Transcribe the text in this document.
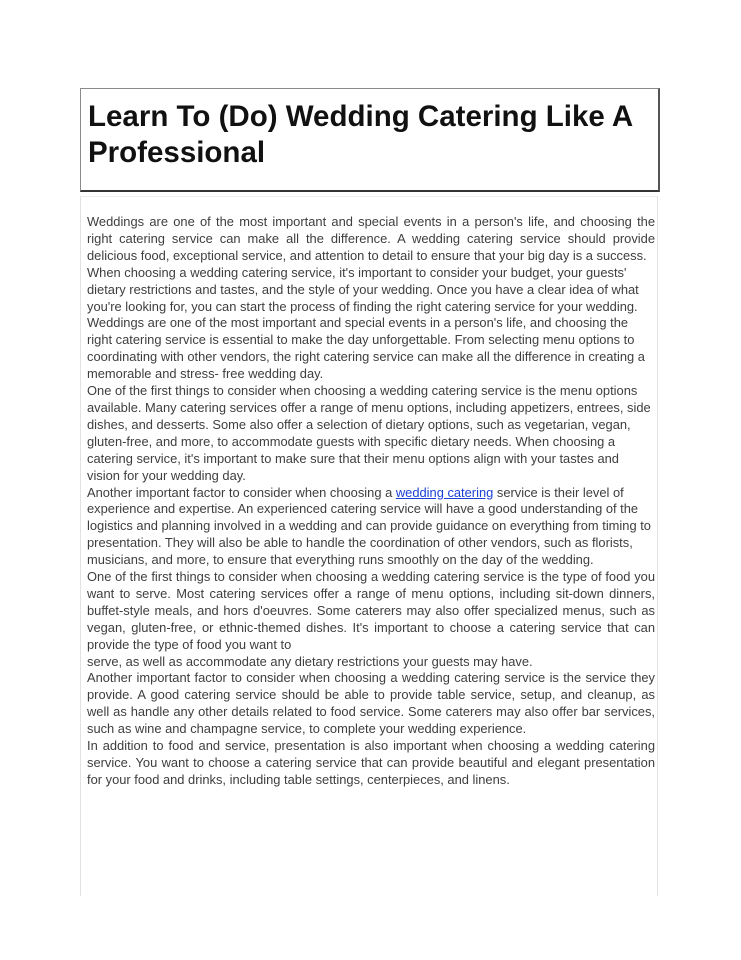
Learn To (Do) Wedding Catering Like A Professional

Weddings are one of the most important and special events in a person's life, and choosing the right catering service can make all the difference. A wedding catering service should provide delicious food, exceptional service, and attention to detail to ensure that your big day is a success.

When choosing a wedding catering service, it's important to consider your budget, your guests' dietary restrictions and tastes, and the style of your wedding. Once you have a clear idea of what you're looking for, you can start the process of finding the right catering service for your wedding. Weddings are one of the most important and special events in a person's life, and choosing the right catering service is essential to make the day unforgettable. From selecting menu options to coordinating with other vendors, the right catering service can make all the difference in creating a memorable and stress- free wedding day.

One of the first things to consider when choosing a wedding catering service is the menu options available. Many catering services offer a range of menu options, including appetizers, entrees, side dishes, and desserts. Some also offer a selection of dietary options, such as vegetarian, vegan, gluten-free, and more, to accommodate guests with specific dietary needs. When choosing a catering service, it's important to make sure that their menu options align with your tastes and vision for your wedding day.

Another important factor to consider when choosing a wedding catering service is their level of experience and expertise. An experienced catering service will have a good understanding of the logistics and planning involved in a wedding and can provide guidance on everything from timing to presentation. They will also be able to handle the coordination of other vendors, such as florists, musicians, and more, to ensure that everything runs smoothly on the day of the wedding.

One of the first things to consider when choosing a wedding catering service is the type of food you want to serve. Most catering services offer a range of menu options, including sit-down dinners, buffet-style meals, and hors d'oeuvres. Some caterers may also offer specialized menus, such as vegan, gluten-free, or ethnic-themed dishes. It's important to choose a catering service that can provide the type of food you want to

serve, as well as accommodate any dietary restrictions your guests may have.

Another important factor to consider when choosing a wedding catering service is the service they provide. A good catering service should be able to provide table service, setup, and cleanup, as well as handle any other details related to food service. Some caterers may also offer bar services, such as wine and champagne service, to complete your wedding experience.

In addition to food and service, presentation is also important when choosing a wedding catering service. You want to choose a catering service that can provide beautiful and elegant presentation for your food and drinks, including table settings, centerpieces, and linens.
